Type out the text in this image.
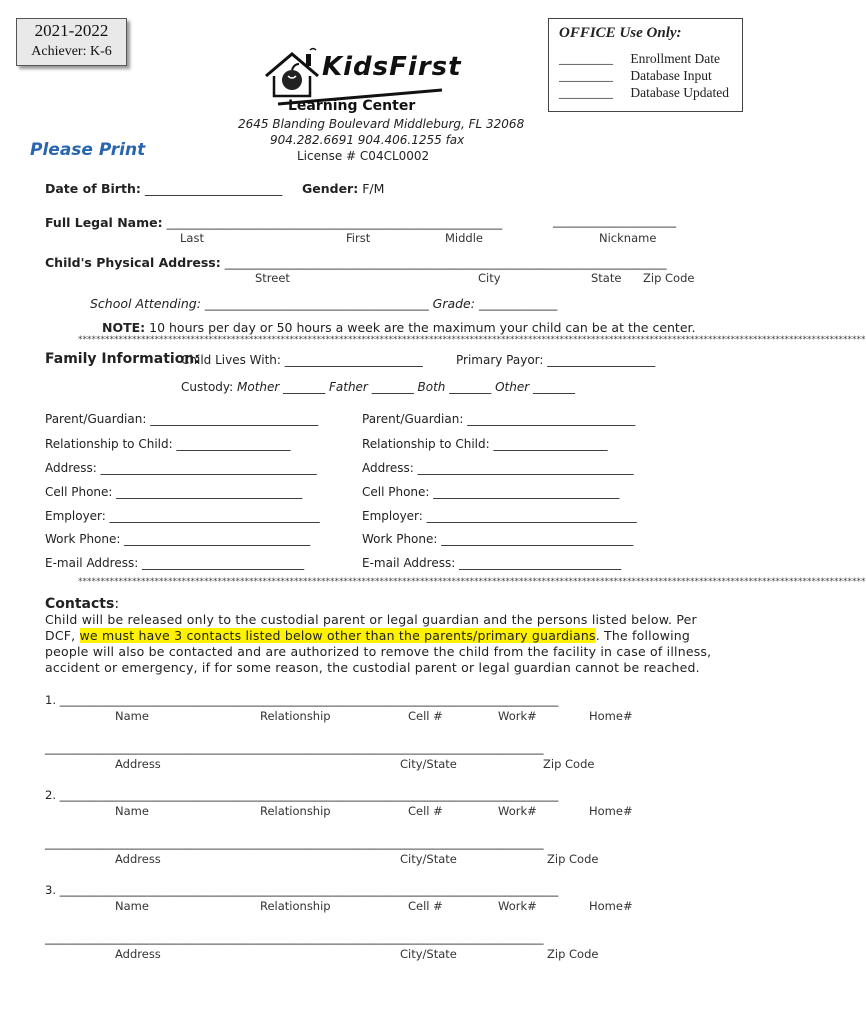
2021-2022
Achiever: K-6
KidsFirst
Learning Center
OFFICE Use Only:
________ Enrollment Date
________ Database Input
________ Database Updated
2645 Blanding Boulevard Middleburg, FL 32068
904.282.6691 904.406.1255 fax
License # C04CL0002
Please Print
Date of Birth: ______________________ Gender: F/M
Full Legal Name: ____________________________________________________________	______________________
Last	First	Middle	Nickname
Child's Physical Address: _______________________________________________________________________________
Street	City	State Zip Code
School Attending: ________________________________________ Grade: ______________
NOTE: 10 hours per day or 50 hours a week are the maximum your child can be at the center.
*******************************************************************************************************************************************************************************
Family Information:
Child Lives With: _______________________	Primary Payor: __________________
Custody: Mother _______ Father _______ Both _______ Other _______
Parent/Guardian: ____________________________
Relationship to Child: ___________________
Address: ____________________________________
Cell Phone: _______________________________
Employer: ___________________________________
Work Phone: _______________________________
E-mail Address: ___________________________
Parent/Guardian: ____________________________
Relationship to Child: ___________________
Address: ____________________________________
Cell Phone: _______________________________
Employer: ___________________________________
Work Phone: ________________________________
E-mail Address: ___________________________
*******************************************************************************************************************************************************************************
Contacts:
Child will be released only to the custodial parent or legal guardian and the persons listed below. Per DCF, we must have 3 contacts listed below other than the parents/primary guardians. The following people will also be contacted and are authorized to remove the child from the facility in case of illness, accident or emergency, if for some reason, the custodial parent or legal guardian cannot be reached.
1. ______________________________________________________________________________________
Name	Relationship	Cell #	Work#	Home#
______________________________________________________________________________________
Address	City/State	Zip Code
2. ______________________________________________________________________________________
Name	Relationship	Cell #	Work#	Home#
______________________________________________________________________________________
Address	City/State	Zip Code
3. ______________________________________________________________________________________
Name	Relationship	Cell #	Work#	Home#
______________________________________________________________________________________
Address	City/State	Zip Code
